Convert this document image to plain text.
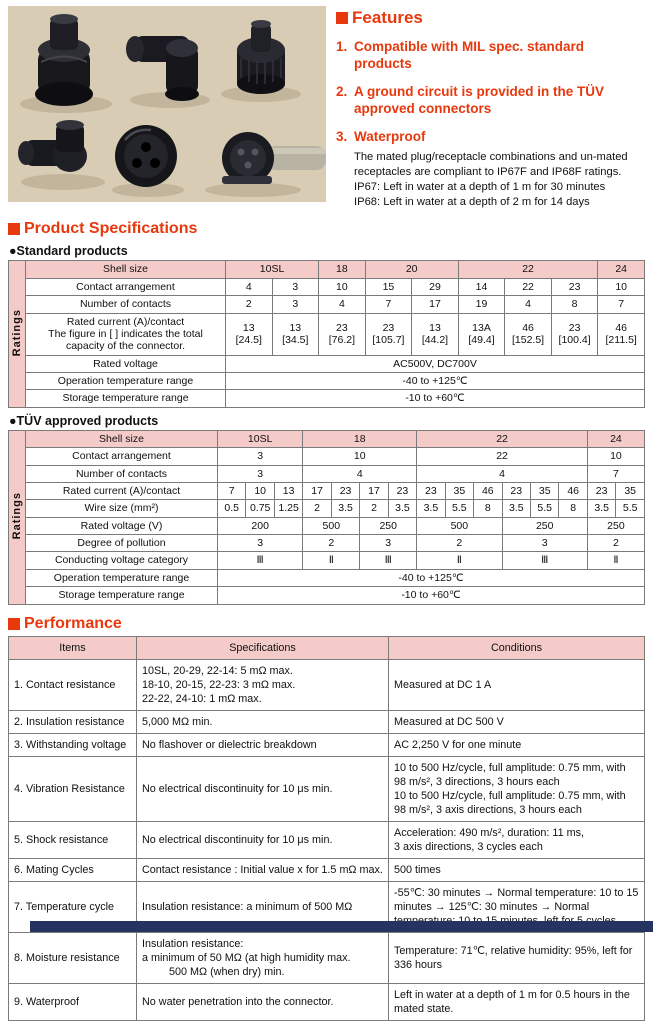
Features
1. Compatible with MIL spec. standard products
2. A ground circuit is provided in the TÜV approved connectors
3. Waterproof
The mated plug/receptacle combinations and un-mated receptacles are compliant to IP67F and IP68F ratings.
IP67: Left in water at a depth of 1 m for 30 minutes
IP68: Left in water at a depth of 2 m for 14 days
Product Specifications
●Standard products
Ratings	Shell size	10SL		18	20		22			24
	Contact arrangement	4	3	10	15	29	14	22	23	10
	Number of contacts	2	3	4	7	17	19	4	8	7
	Rated current (A)/contact
The figure in [ ] indicates the total capacity of the connector.	13
[24.5]	13
[34.5]	23
[76.2]	23
[105.7]	13
[44.2]	13A
[49.4]	46
[152.5]	23
[100.4]	46
[211.5]
	Rated voltage	AC500V, DC700V								
	Operation temperature range	-40 to +125℃								
	Storage temperature range	-10 to +60℃								
●TÜV approved products
Ratings	Shell size	10SL			18				22						24	
	Contact arrangement	3			10				22						10	
	Number of contacts	3			4				4						7	
	Rated current (A)/contact	7	10	13	17	23	17	23	23	35	46	23	35	46	23	35
	Wire size (mm²)	0.5	0.75	1.25	2	3.5	2	3.5	3.5	5.5	8	3.5	5.5	8	3.5	5.5
	Rated voltage (V)	200			500		250		500			250			250	
	Degree of pollution	3			2		3		2			3			2	
	Conducting voltage category	Ⅲ			Ⅱ		Ⅲ		Ⅱ			Ⅲ			Ⅱ	
	Operation temperature range	-40 to +125℃														
	Storage temperature range	-10 to +60℃														
Performance
Items	Specifications	Conditions
1. Contact resistance	10SL, 20-29, 22-14: 5 mΩ max.
18-10, 20-15, 22-23: 3 mΩ max.
22-22, 24-10: 1 mΩ max.	Measured at DC 1 A
2. Insulation resistance	5,000 MΩ min.	Measured at DC 500 V
3. Withstanding voltage	No flashover or dielectric breakdown	AC 2,250 V for one minute
4. Vibration Resistance	No electrical discontinuity for 10 μs min.	10 to 500 Hz/cycle, full amplitude: 0.75 mm, with 98 m/s², 3 directions, 3 hours each
10 to 500 Hz/cycle, full amplitude: 0.75 mm, with 98 m/s², 3 axis directions, 3 hours each
5. Shock resistance	No electrical discontinuity for 10 μs min.	Acceleration: 490 m/s², duration: 11 ms,
3 axis directions, 3 cycles each
6. Mating Cycles	Contact resistance : Initial value x for 1.5 mΩ max.	500 times
7. Temperature cycle	Insulation resistance: a minimum of 500 MΩ	-55℃: 30 minutes → Normal temperature: 10 to 15 minutes → 125℃: 30 minutes → Normal
8. Moisture resistance	Insulation resistance:
a minimum of 50 MΩ (at high humidity max.
500 MΩ (when dry) min.	Temperature: 71℃, relative humidity: 95%, left for 336 hours
9. Waterproof	No water penetration into the connector.	Left in water at a depth of 1 m for 0.5 hours in the mated state.
